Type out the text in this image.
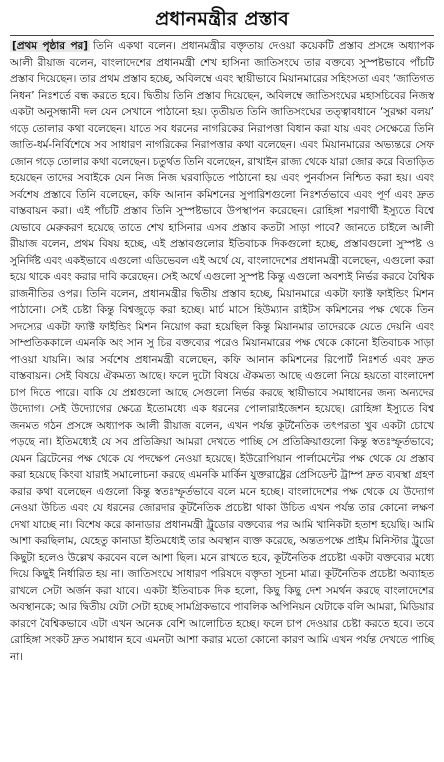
প্রধানমন্ত্রীর প্রস্তাব

[প্রথম পৃষ্ঠার পর] তিনি একথা বলেন। প্রধানমন্ত্রীর বক্তৃতায় দেওয়া কয়েকটি প্রস্তাব প্রসঙ্গে অধ্যাপক আলী রীয়াজ বলেন, বাংলাদেশের প্রধানমন্ত্রী শেখ হাসিনা জাতিসংঘে তার বক্তব্যে সুস্পষ্টভাবে পাঁচটি প্রস্তাব দিয়েছেন। তার প্রথম প্রস্তাব হচ্ছে, অবিলম্বে এবং স্থায়ীভাবে মিয়ানমারের সহিংসতা এবং ‘জাতিগত নিধন’ নিঃশর্তে বন্ধ করতে হবে। দ্বিতীয় তিনি প্রস্তাব দিয়েছেন, অবিলম্বে জাতিসংঘের মহাসচিবের নিজস্ব একটা অনুসন্ধানী দল যেন সেখানে পাঠানো হয়। তৃতীয়ত তিনি জাতিসংঘের তত্ত্বাবধানে ‘সুরক্ষা বলয়’ গড়ে তোলার কথা বলেছেন। যাতে সব ধরনের নাগরিকের নিরাপত্তা বিধান করা যায় এবং সেক্ষেত্রে তিনি জাতি-ধর্ম-নির্বিশেষে সব সাধারণ নাগরিকের নিরাপত্তার কথা বলেছেন। এবং মিয়ানমারের অভ্যন্তরে সেফ জোন গড়ে তোলার কথা বলেছেন। চতুর্থত তিনি বলেছেন, রাখাইন রাজ্য থেকে যারা জোর করে বিতাড়িত হয়েছেন তাদের সবাইকে যেন নিজ নিজ ঘরবাড়িতে পাঠানো হয় এবং পুনর্বাসন নিশ্চিত করা হয়। এবং সর্বশেষ প্রস্তাবে তিনি বলেছেন, কফি আনান কমিশনের সুপারিশগুলো নিঃশর্তভাবে এবং পূর্ণ এবং দ্রুত বাস্তবায়ন করা। এই পাঁচটি প্রস্তাব তিনি সুস্পষ্টভাবে উপস্থাপন করেছেন। রোহিঙ্গা শরণার্থী ইস্যুতে বিশ্বে যেভাবে মেরুকরণ হয়েছে তাতে শেখ হাসিনার এসব প্রস্তাব কতটা সাড়া পাবে? জানতে চাইলে আলী রীয়াজ বলেন, প্রথম বিষয় হচ্ছে, এই প্রস্তাবগুলোর ইতিবাচক দিকগুলো হচ্ছে, প্রস্তাবগুলো সুস্পষ্ট ও সুনির্দিষ্ট এবং একইভাবে এগুলো এডিভেবল এই অর্থে যে, বাংলাদেশের প্রধানমন্ত্রী বলেছেন, এগুলো করা হয়ে থাকে এবং করার দাবি করেছেন। সেই অর্থে এগুলো সুস্পষ্ট কিন্তু এগুলো অবশ্যই নির্ভর করবে বৈশ্বিক রাজনীতির ওপর। তিনি বলেন, প্রধানমন্ত্রীর দ্বিতীয় প্রস্তাব হচ্ছে, মিয়ানমারে একটা ফ্যাক্ট ফাইন্ডিং মিশন পাঠানো। সেই চেষ্টা কিন্তু বিশ্বজুড়ে করা হচ্ছে। মার্চ মাসে হিউম্যান রাইটস কমিশনের পক্ষ থেকে তিন সদস্যের একটা ফ্যাক্ট ফাইন্ডিং মিশন নিয়োগ করা হয়েছিল কিন্তু মিয়ানমার তাদেরকে যেতে দেয়নি এবং সাম্প্রতিককালে এমনকি অং সান সু চির বক্তব্যের পরেও মিয়ানমারের পক্ষ থেকে কোনো ইতিবাচক সাড়া পাওয়া যায়নি। আর সর্বশেষ প্রধানমন্ত্রী বলেছেন, কফি আনান কমিশনের রিপোর্ট নিঃশর্ত এবং দ্রুত বাস্তবায়ন। সেই বিষয়ে ঐকমত্য আছে। ফলে দুটো বিষয়ে ঐকমত্য আছে এগুলো নিয়ে হয়তো বাংলাদেশ চাপ দিতে পারে। বাকি যে প্রশ্নগুলো আছে সেগুলো নির্ভর করছে স্থায়ীভাবে সমাধানের জন্য অন্যদের উদ্যোগ। সেই উদ্যোগের ক্ষেত্রে ইতোমধ্যে এক ধরনের পোলারাইজেশন হয়েছে। রোহিঙ্গা ইস্যুতে বিশ্ব জনমত গঠন প্রসঙ্গে অধ্যাপক আলী রীয়াজ বলেন, এখন পর্যন্ত কূটনৈতিক তৎপরতা খুব একটা চোখে পড়ছে না। ইতিমধ্যেই যে সব প্রতিক্রিয়া আমরা দেখতে পাচ্ছি সে প্রতিক্রিয়াগুলো কিন্তু স্বতঃস্ফূর্তভাবে; যেমন ব্রিটেনের পক্ষ থেকে যে পদক্ষেপ নেওয়া হয়েছে। ইউরোপিয়ান পার্লামেন্টের পক্ষ থেকে যে প্রস্তাব করা হয়েছে কিংবা যারাই সমালোচনা করছে এমনকি মার্কিন যুক্তরাষ্ট্রের প্রেসিডেন্ট ট্রাম্প দ্রুত ব্যবস্থা গ্রহণ করার কথা বলেছেন এগুলো কিন্তু স্বতঃস্ফূর্তভাবে বলে মনে হচ্ছে। বাংলাদেশের পক্ষ থেকে যে উদ্যোগ নেওয়া উচিত এবং যে ধরনের জোরদার কূটনৈতিক প্রচেষ্টা থাকা উচিত এখন পর্যন্ত তার কোনো লক্ষণ দেখা যাচ্ছে না। বিশেষ করে কানাডার প্রধানমন্ত্রী ট্রুডোর বক্তব্যের পর আমি খানিকটা হতাশ হয়েছি। আমি আশা করছিলাম, যেহেতু কানাডা ইতিমধ্যেই তার অবস্থান ব্যক্ত করেছে, অন্ততপক্ষে প্রাইম মিনিস্টার ট্রুডো কিছুটা হলেও উল্লেখ করবেন বলে আশা ছিল। মনে রাখতে হবে, কূটনৈতিক প্রচেষ্টা একটা বক্তব্যের মধ্যে দিয়ে কিছুই নির্ধারিত হয় না। জাতিসংঘে সাধারণ পরিষদে বক্তৃতা সূচনা মাত্র। কূটনৈতিক প্রচেষ্টা অব্যাহত রাখলে সেটা অর্জন করা যাবে। একটা ইতিবাচক দিক হলো, কিছু কিছু দেশ সমর্থন করছে বাংলাদেশের অবস্থানকে; আর দ্বিতীয় যেটা সেটা হচ্ছে সামগ্রিকভাবে পাবলিক অপিনিয়ন যেটাকে বলি আমরা, মিডিয়ার কারণে বৈশ্বিকভাবে এটা এখন অনেক বেশি আলোচিত হচ্ছে। ফলে চাপ দেওয়ার চেষ্টা করতে হবে। তবে রোহিঙ্গা সংকট দ্রুত সমাধান হবে এমনটা আশা করার মতো কোনো কারণ আমি এখন পর্যন্ত দেখতে পাচ্ছি না।
